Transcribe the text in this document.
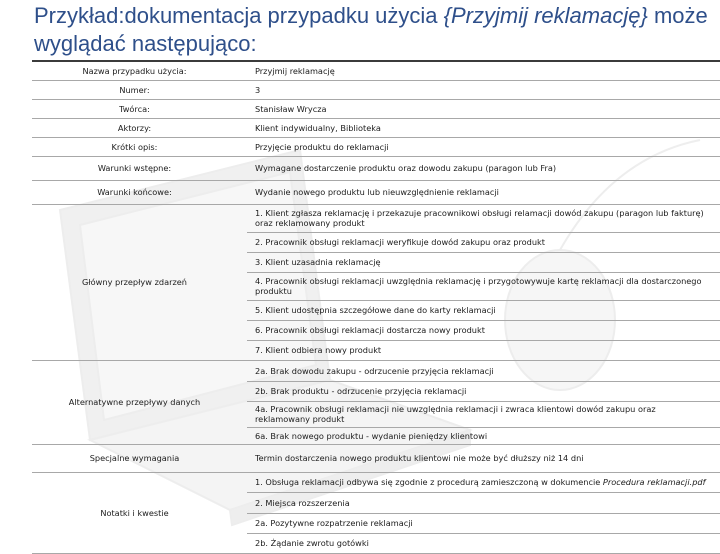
Przykład:dokumentacja przypadku użycia {Przyjmij reklamację} może wyglądać następująco:
Nazwa przypadku użycia:	Przyjmij reklamację
Numer:	3
Twórca:	Stanisław Wrycza
Aktorzy:	Klient indywidualny, Biblioteka
Krótki opis:	Przyjęcie produktu do reklamacji
Warunki wstępne:	Wymagane dostarczenie produktu oraz dowodu zakupu (paragon lub Fra)
Warunki końcowe:	Wydanie nowego produktu lub nieuwzględnienie reklamacji
Główny przepływ zdarzeń	1. Klient zgłasza reklamację i przekazuje pracownikowi obsługi relamacji dowód zakupu (paragon lub fakturę) oraz reklamowany produkt
	2. Pracownik obsługi reklamacji weryfikuje dowód zakupu oraz produkt
	3. Klient uzasadnia reklamację
	4. Pracownik obsługi reklamacji uwzględnia reklamację i przygotowywuje kartę reklamacji dla dostarczonego produktu
	5. Klient udostępnia szczegółowe dane do karty reklamacji
	6. Pracownik obsługi reklamacji dostarcza nowy produkt
	7. Klient odbiera nowy produkt
Alternatywne przepływy danych	2a. Brak dowodu zakupu - odrzucenie przyjęcia reklamacji
	2b. Brak produktu - odrzucenie przyjęcia reklamacji
	4a. Pracownik obsługi reklamacji nie uwzględnia reklamacji i zwraca klientowi dowód zakupu oraz reklamowany produkt
	6a. Brak nowego produktu - wydanie pieniędzy klientowi
Specjalne wymagania	Termin dostarczenia nowego produktu klientowi nie może być dłuższy niż 14 dni
Notatki i kwestie	1. Obsługa reklamacji odbywa się zgodnie z procedurą zamieszczoną w dokumencie Procedura reklamacji.pdf
	2. Miejsca rozszerzenia
	2a. Pozytywne rozpatrzenie reklamacji
	2b. Żądanie zwrotu gotówki
